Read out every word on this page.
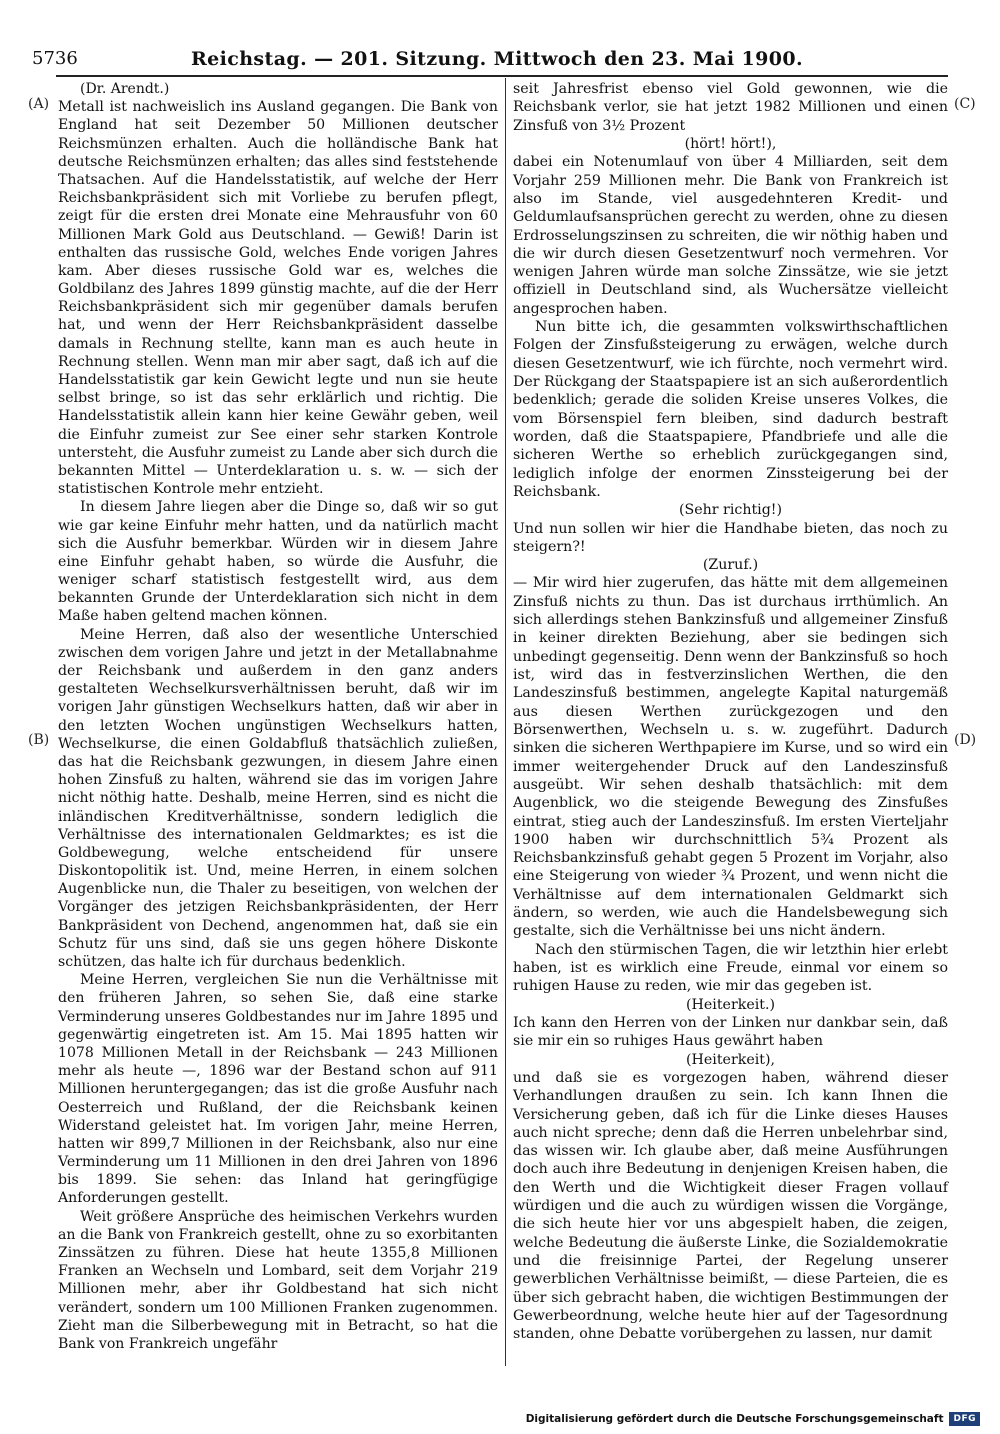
5736	Reichstag. — 201. Sitzung. Mittwoch den 23. Mai 1900.
(A)
(B)
(C)
(D)

(Dr. Arendt.)

Metall ist nachweislich ins Ausland gegangen. Die Bank von England hat seit Dezember 50 Millionen deutscher Reichsmünzen erhalten. Auch die holländische Bank hat deutsche Reichsmünzen erhalten; das alles sind feststehende Thatsachen. Auf die Handelsstatistik, auf welche der Herr Reichsbankpräsident sich mit Vorliebe zu berufen pflegt, zeigt für die ersten drei Monate eine Mehrausfuhr von 60 Millionen Mark Gold aus Deutschland. — Gewiß! Darin ist enthalten das russische Gold, welches Ende vorigen Jahres kam. Aber dieses russische Gold war es, welches die Goldbilanz des Jahres 1899 günstig machte, auf die der Herr Reichsbankpräsident sich mir gegenüber damals berufen hat, und wenn der Herr Reichsbankpräsident dasselbe damals in Rechnung stellte, kann man es auch heute in Rechnung stellen. Wenn man mir aber sagt, daß ich auf die Handelsstatistik gar kein Gewicht legte und nun sie heute selbst bringe, so ist das sehr erklärlich und richtig. Die Handelsstatistik allein kann hier keine Gewähr geben, weil die Einfuhr zumeist zur See einer sehr starken Kontrole untersteht, die Ausfuhr zumeist zu Lande aber sich durch die bekannten Mittel — Unterdeklaration u. s. w. — sich der statistischen Kontrole mehr entzieht.

In diesem Jahre liegen aber die Dinge so, daß wir so gut wie gar keine Einfuhr mehr hatten, und da natürlich macht sich die Ausfuhr bemerkbar. Würden wir in diesem Jahre eine Einfuhr gehabt haben, so würde die Ausfuhr, die weniger scharf statistisch festgestellt wird, aus dem bekannten Grunde der Unterdeklaration sich nicht in dem Maße haben geltend machen können.

Meine Herren, daß also der wesentliche Unterschied zwischen dem vorigen Jahre und jetzt in der Metallabnahme der Reichsbank und außerdem in den ganz anders gestalteten Wechselkursverhältnissen beruht, daß wir im vorigen Jahr günstigen Wechselkurs hatten, daß wir aber in den letzten Wochen ungünstigen Wechselkurs hatten, Wechselkurse, die einen Goldabfluß thatsächlich zuließen, das hat die Reichsbank gezwungen, in diesem Jahre einen hohen Zinsfuß zu halten, während sie das im vorigen Jahre nicht nöthig hatte. Deshalb, meine Herren, sind es nicht die inländischen Kreditverhältnisse, sondern lediglich die Verhältnisse des internationalen Geldmarktes; es ist die Goldbewegung, welche entscheidend für unsere Diskontopolitik ist. Und, meine Herren, in einem solchen Augenblicke nun, die Thaler zu beseitigen, von welchen der Vorgänger des jetzigen Reichsbankpräsidenten, der Herr Bankpräsident von Dechend, angenommen hat, daß sie ein Schutz für uns sind, daß sie uns gegen höhere Diskonte schützen, das halte ich für durchaus bedenklich.

Meine Herren, vergleichen Sie nun die Verhältnisse mit den früheren Jahren, so sehen Sie, daß eine starke Verminderung unseres Goldbestandes nur im Jahre 1895 und gegenwärtig eingetreten ist. Am 15. Mai 1895 hatten wir 1078 Millionen Metall in der Reichsbank — 243 Millionen mehr als heute —, 1896 war der Bestand schon auf 911 Millionen heruntergegangen; das ist die große Ausfuhr nach Oesterreich und Rußland, der die Reichsbank keinen Widerstand geleistet hat. Im vorigen Jahr, meine Herren, hatten wir 899,7 Millionen in der Reichsbank, also nur eine Verminderung um 11 Millionen in den drei Jahren von 1896 bis 1899. Sie sehen: das Inland hat geringfügige Anforderungen gestellt.

Weit größere Ansprüche des heimischen Verkehrs wurden an die Bank von Frankreich gestellt, ohne zu so exorbitanten Zinssätzen zu führen. Diese hat heute 1355,8 Millionen Franken an Wechseln und Lombard, seit dem Vorjahr 219 Millionen mehr, aber ihr Goldbestand hat sich nicht verändert, sondern um 100 Millionen Franken zugenommen. Zieht man die Silberbewegung mit in Betracht, so hat die Bank von Frankreich ungefähr

seit Jahresfrist ebenso viel Gold gewonnen, wie die Reichsbank verlor, sie hat jetzt 1982 Millionen und einen Zinsfuß von 3½ Prozent

(hört! hört!),

dabei ein Notenumlauf von über 4 Milliarden, seit dem Vorjahr 259 Millionen mehr. Die Bank von Frankreich ist also im Stande, viel ausgedehnteren Kredit- und Geldumlaufsansprüchen gerecht zu werden, ohne zu diesen Erdrosselungszinsen zu schreiten, die wir nöthig haben und die wir durch diesen Gesetzentwurf noch vermehren. Vor wenigen Jahren würde man solche Zinssätze, wie sie jetzt offiziell in Deutschland sind, als Wuchersätze vielleicht angesprochen haben.

Nun bitte ich, die gesammten volkswirthschaftlichen Folgen der Zinsfußsteigerung zu erwägen, welche durch diesen Gesetzentwurf, wie ich fürchte, noch vermehrt wird. Der Rückgang der Staatspapiere ist an sich außerordentlich bedenklich; gerade die soliden Kreise unseres Volkes, die vom Börsenspiel fern bleiben, sind dadurch bestraft worden, daß die Staatspapiere, Pfandbriefe und alle die sicheren Werthe so erheblich zurückgegangen sind, lediglich infolge der enormen Zinssteigerung bei der Reichsbank.

(Sehr richtig!)

Und nun sollen wir hier die Handhabe bieten, das noch zu steigern?!

(Zuruf.)

— Mir wird hier zugerufen, das hätte mit dem allgemeinen Zinsfuß nichts zu thun. Das ist durchaus irrthümlich. An sich allerdings stehen Bankzinsfuß und allgemeiner Zinsfuß in keiner direkten Beziehung, aber sie bedingen sich unbedingt gegenseitig. Denn wenn der Bankzinsfuß so hoch ist, wird das in festverzinslichen Werthen, die den Landeszinsfuß bestimmen, angelegte Kapital naturgemäß aus diesen Werthen zurückgezogen und den Börsenwerthen, Wechseln u. s. w. zugeführt. Dadurch sinken die sicheren Werthpapiere im Kurse, und so wird ein immer weitergehender Druck auf den Landeszinsfuß ausgeübt. Wir sehen deshalb thatsächlich: mit dem Augenblick, wo die steigende Bewegung des Zinsfußes eintrat, stieg auch der Landeszinsfuß. Im ersten Vierteljahr 1900 haben wir durchschnittlich 5¾ Prozent als Reichsbankzinsfuß gehabt gegen 5 Prozent im Vorjahr, also eine Steigerung von wieder ¾ Prozent, und wenn nicht die Verhältnisse auf dem internationalen Geldmarkt sich ändern, so werden, wie auch die Handelsbewegung sich gestalte, sich die Verhältnisse bei uns nicht ändern.

Nach den stürmischen Tagen, die wir letzthin hier erlebt haben, ist es wirklich eine Freude, einmal vor einem so ruhigen Hause zu reden, wie mir das gegeben ist.

(Heiterkeit.)

Ich kann den Herren von der Linken nur dankbar sein, daß sie mir ein so ruhiges Haus gewährt haben

(Heiterkeit),

und daß sie es vorgezogen haben, während dieser Verhandlungen draußen zu sein. Ich kann Ihnen die Versicherung geben, daß ich für die Linke dieses Hauses auch nicht spreche; denn daß die Herren unbelehrbar sind, das wissen wir. Ich glaube aber, daß meine Ausführungen doch auch ihre Bedeutung in denjenigen Kreisen haben, die den Werth und die Wichtigkeit dieser Fragen vollauf würdigen und die auch zu würdigen wissen die Vorgänge, die sich heute hier vor uns abgespielt haben, die zeigen, welche Bedeutung die äußerste Linke, die Sozialdemokratie und die freisinnige Partei, der Regelung unserer gewerblichen Verhältnisse beimißt, — diese Parteien, die es über sich gebracht haben, die wichtigen Bestimmungen der Gewerbeordnung, welche heute hier auf der Tagesordnung standen, ohne Debatte vorübergehen zu lassen, nur damit

Digitalisierung gefördert durch die Deutsche Forschungsgemeinschaft	DFG
